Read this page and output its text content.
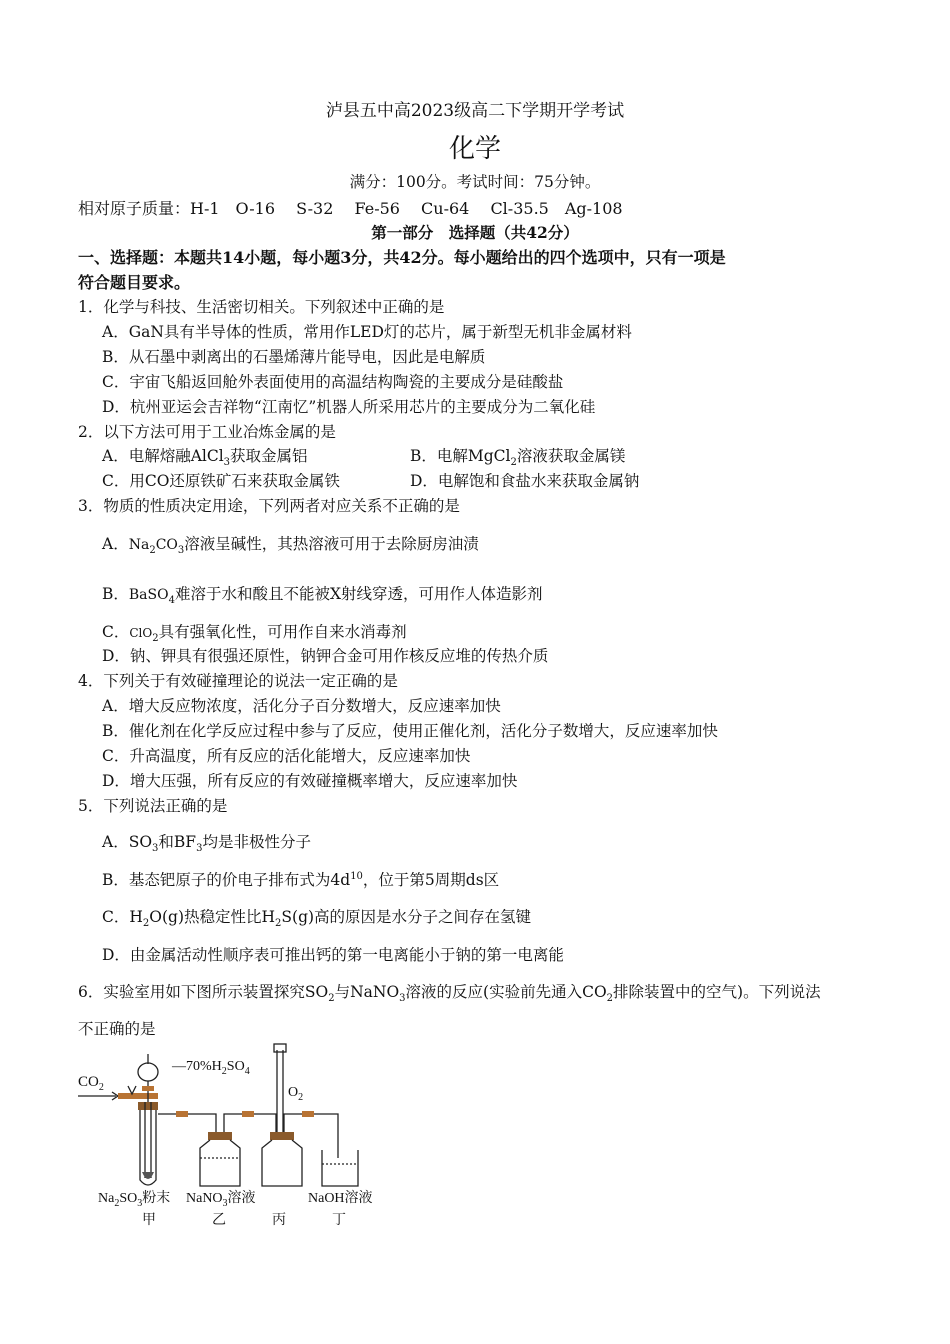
泸县五中高2023级高二下学期开学考试
化学
满分：100分。考试时间：75分钟。
相对原子质量：H-1　O-16　 S-32　 Fe-56　 Cu-64　 Cl-35.5　Ag-108
第一部分　选择题（共42分）
一、选择题：本题共14小题，每小题3分，共42分。每小题给出的四个选项中，只有一项是
符合题目要求。
1．化学与科技、生活密切相关。下列叙述中正确的是
A．GaN具有半导体的性质，常用作LED灯的芯片，属于新型无机非金属材料
B．从石墨中剥离出的石墨烯薄片能导电，因此是电解质
C．宇宙飞船返回舱外表面使用的高温结构陶瓷的主要成分是硅酸盐
D．杭州亚运会吉祥物“江南忆”机器人所采用芯片的主要成分为二氧化硅
2．以下方法可用于工业冶炼金属的是
A．电解熔融AlCl$_3$获取金属铝	B．电解MgCl$_2$溶液获取金属镁
C．用CO还原铁矿石来获取金属铁	D．电解饱和食盐水来获取金属钠
3．物质的性质决定用途，下列两者对应关系不正确的是
A．$Na_2CO_3$溶液呈碱性，其热溶液可用于去除厨房油渍
B．BaSO$_4$难溶于水和酸且不能被X射线穿透，可用作人体造影剂
C．ClO$_2$具有强氧化性，可用作自来水消毒剂
D．钠、钾具有很强还原性，钠钾合金可用作核反应堆的传热介质
4．下列关于有效碰撞理论的说法一定正确的是
A．增大反应物浓度，活化分子百分数增大，反应速率加快
B．催化剂在化学反应过程中参与了反应，使用正催化剂，活化分子数增大，反应速率加快
C．升高温度，所有反应的活化能增大，反应速率加快
D．增大压强，所有反应的有效碰撞概率增大，反应速率加快
5．下列说法正确的是
A．$SO_3$和$BF_3$均是非极性分子
B．基态钯原子的价电子排布式为$4d^{10}$，位于第5周期ds区
C．$H_2O(g)$热稳定性比$H_2S(g)$高的原因是水分子之间存在氢键
D．由金属活动性顺序表可推出钙的第一电离能小于钠的第一电离能
6．实验室用如下图所示装置探究$SO_2$与NaNO$_3$溶液的反应(实验前先通入$CO_2$排除装置中的空气)。下列说法
不正确的是
$CO_2$
$—70\%H_2SO_4$
$O_2$
$Na_2SO_3$粉末 NaNO$_3$溶液	NaOH溶液
甲	乙	丙	丁
